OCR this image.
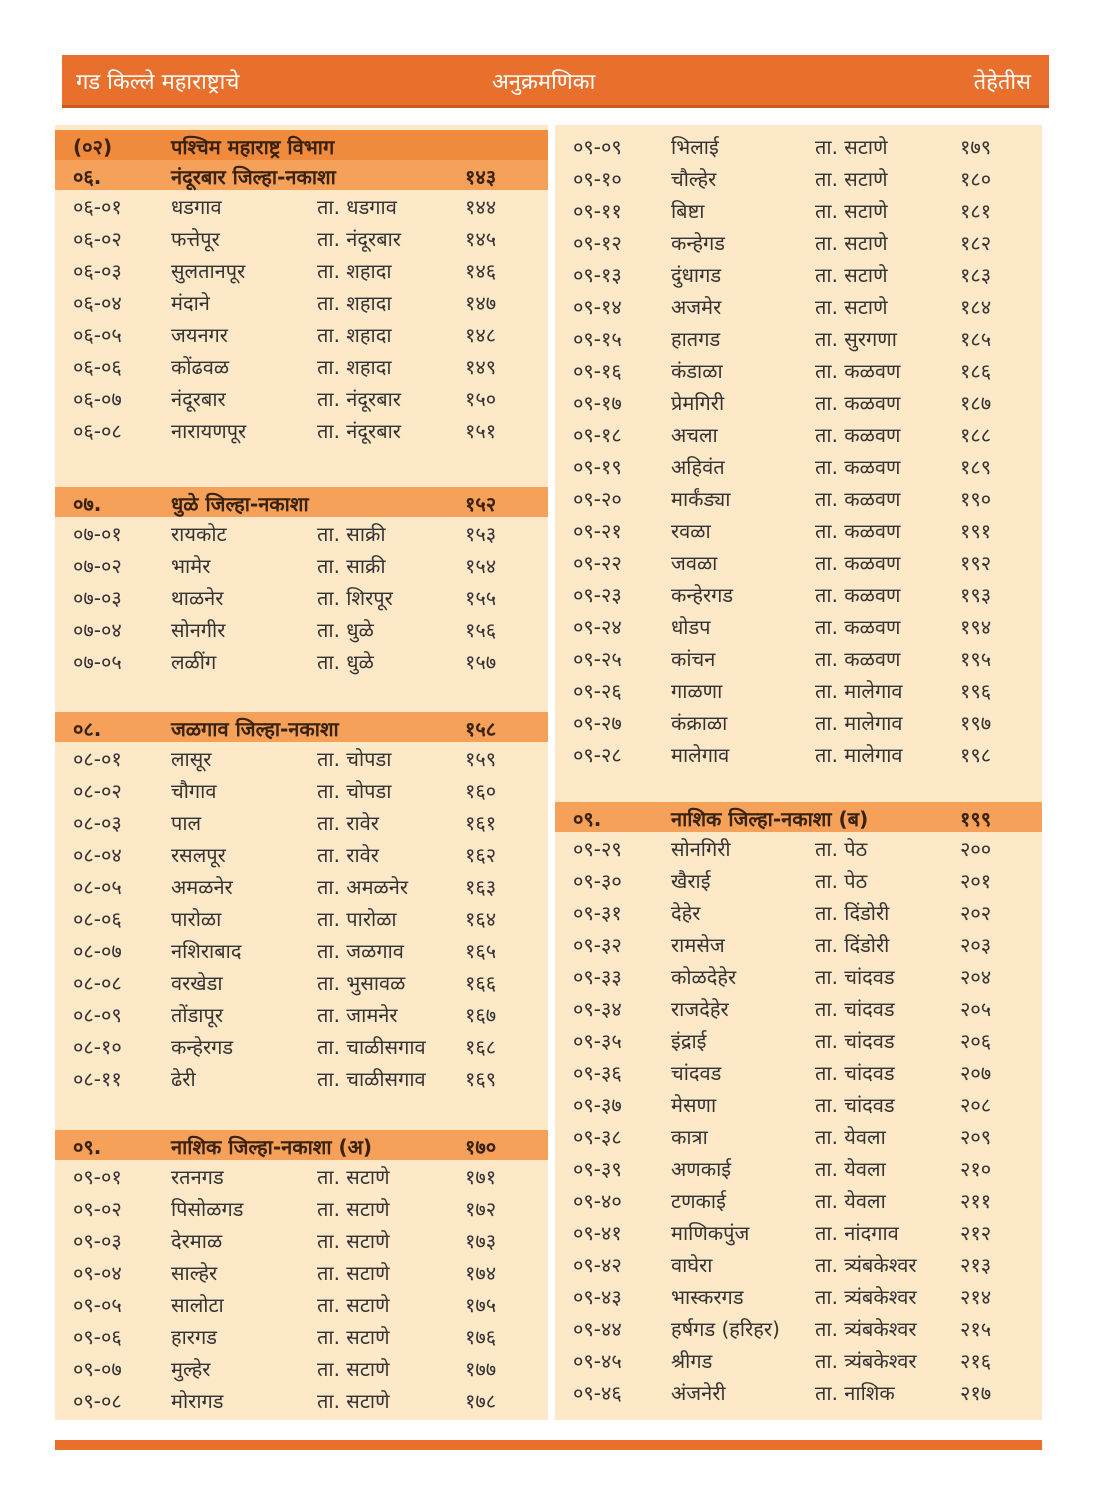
गड किल्ले महाराष्ट्राचे	अनुक्रमणिका	तेहेतीस
(०२)	पश्चिम महाराष्ट्र विभाग
०६.	नंदूरबार जिल्हा-नकाशा	१४३
०६-०१ धडगाव	ता. धडगाव	१४४
०६-०२ फत्तेपूर	ता. नंदूरबार	१४५
०६-०३ सुलतानपूर	ता. शहादा	१४६
०६-०४ मंदाने	ता. शहादा	१४७
०६-०५ जयनगर	ता. शहादा	१४८
०६-०६ कोंढवळ	ता. शहादा	१४९
०६-०७ नंदूरबार	ता. नंदूरबार	१५०
०६-०८ नारायणपूर	ता. नंदूरबार	१५१
०७.	धुळे जिल्हा-नकाशा	१५२
०७-०१ रायकोट	ता. साक्री	१५३
०७-०२ भामेर	ता. साक्री	१५४
०७-०३ थाळनेर	ता. शिरपूर	१५५
०७-०४ सोनगीर	ता. धुळे	१५६
०७-०५ लळींग	ता. धुळे	१५७
०८.	जळगाव जिल्हा-नकाशा	१५८
०८-०१ लासूर	ता. चोपडा	१५९
०८-०२ चौगाव	ता. चोपडा	१६०
०८-०३ पाल	ता. रावेर	१६१
०८-०४ रसलपूर	ता. रावेर	१६२
०८-०५ अमळनेर	ता. अमळनेर	१६३
०८-०६ पारोळा	ता. पारोळा	१६४
०८-०७ नशिराबाद	ता. जळगाव	१६५
०८-०८ वरखेडा	ता. भुसावळ	१६६
०८-०९ तोंडापूर	ता. जामनेर	१६७
०८-१० कन्हेरगड	ता. चाळीसगाव १६८
०८-११ ढेरी	ता. चाळीसगाव १६९
०९.	नाशिक जिल्हा-नकाशा (अ)	१७०
०९-०१ रतनगड	ता. सटाणे	१७१
०९-०२ पिसोळगड	ता. सटाणे	१७२
०९-०३ देरमाळ	ता. सटाणे	१७३
०९-०४ साल्हेर	ता. सटाणे	१७४
०९-०५ सालोटा	ता. सटाणे	१७५
०९-०६ हारगड	ता. सटाणे	१७६
०९-०७ मुल्हेर	ता. सटाणे	१७७
०९-०८ मोरागड	ता. सटाणे	१७८
०९-०९ भिलाई	ता. सटाणे	१७९
०९-१० चौल्हेर	ता. सटाणे	१८०
०९-११ बिष्टा	ता. सटाणे	१८१
०९-१२ कन्हेगड	ता. सटाणे	१८२
०९-१३ दुंधागड	ता. सटाणे	१८३
०९-१४ अजमेर	ता. सटाणे	१८४
०९-१५ हातगड	ता. सुरगणा	१८५
०९-१६ कंडाळा	ता. कळवण	१८६
०९-१७ प्रेमगिरी	ता. कळवण	१८७
०९-१८ अचला	ता. कळवण	१८८
०९-१९ अहिवंत	ता. कळवण	१८९
०९-२० मार्कंड्या	ता. कळवण	१९०
०९-२१ रवळा	ता. कळवण	१९१
०९-२२ जवळा	ता. कळवण	१९२
०९-२३ कन्हेरगड	ता. कळवण	१९३
०९-२४ धोडप	ता. कळवण	१९४
०९-२५ कांचन	ता. कळवण	१९५
०९-२६ गाळणा	ता. मालेगाव	१९६
०९-२७ कंक्राळा	ता. मालेगाव	१९७
०९-२८ मालेगाव	ता. मालेगाव	१९८
०९.	नाशिक जिल्हा-नकाशा (ब)	१९९
०९-२९ सोनगिरी	ता. पेठ	२००
०९-३० खैराई	ता. पेठ	२०१
०९-३१ देहेर	ता. दिंडोरी	२०२
०९-३२ रामसेज	ता. दिंडोरी	२०३
०९-३३ कोळदेहेर	ता. चांदवड	२०४
०९-३४ राजदेहेर	ता. चांदवड	२०५
०९-३५ इंद्राई	ता. चांदवड	२०६
०९-३६ चांदवड	ता. चांदवड	२०७
०९-३७ मेसणा	ता. चांदवड	२०८
०९-३८ कात्रा	ता. येवला	२०९
०९-३९ अणकाई	ता. येवला	२१०
०९-४० टणकाई	ता. येवला	२११
०९-४१ माणिकपुंज	ता. नांदगाव	२१२
०९-४२ वाघेरा	ता. त्र्यंबकेश्वर २१३
०९-४३ भास्करगड	ता. त्र्यंबकेश्वर २१४
०९-४४ हर्षगड (हरिहर) ता. त्र्यंबकेश्वर २१५
०९-४५ श्रीगड	ता. त्र्यंबकेश्वर २१६
०९-४६ अंजनेरी	ता. नाशिक	२१७
